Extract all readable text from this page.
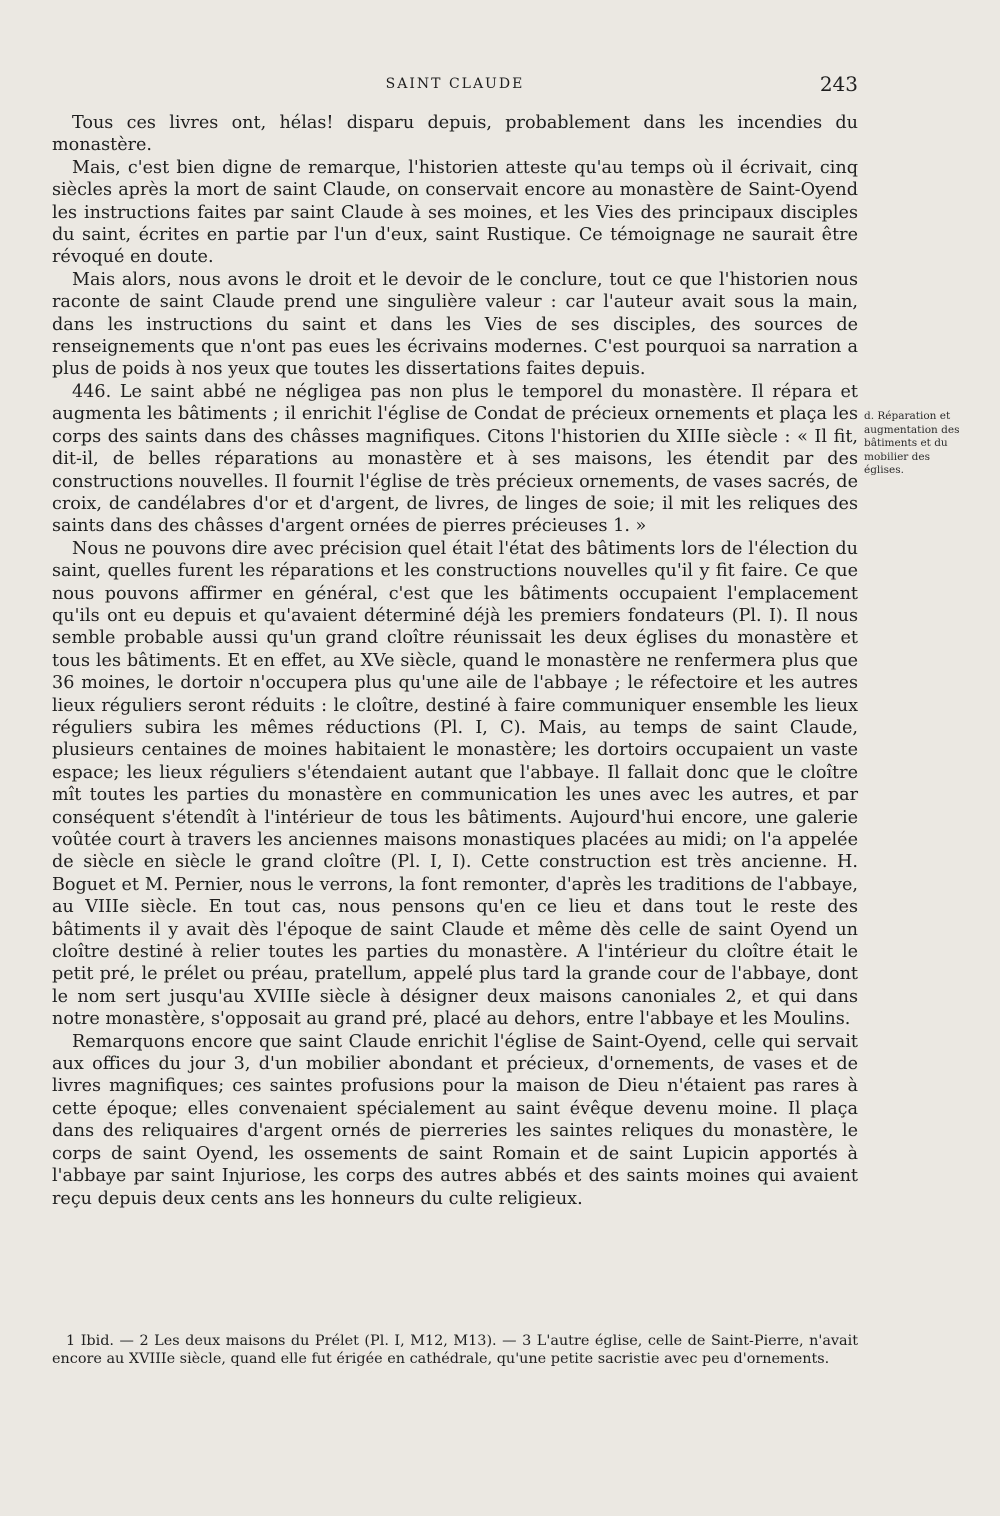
SAINT CLAUDE	243

Tous ces livres ont, hélas! disparu depuis, probablement dans les incendies du monastère.

Mais, c'est bien digne de remarque, l'historien atteste qu'au temps où il écrivait, cinq siècles après la mort de saint Claude, on conservait encore au monastère de Saint-Oyend les instructions faites par saint Claude à ses moines, et les Vies des principaux disciples du saint, écrites en partie par l'un d'eux, saint Rustique. Ce témoignage ne saurait être révoqué en doute.

Mais alors, nous avons le droit et le devoir de le conclure, tout ce que l'historien nous raconte de saint Claude prend une singulière valeur : car l'auteur avait sous la main, dans les instructions du saint et dans les Vies de ses disciples, des sources de renseignements que n'ont pas eues les écrivains modernes. C'est pourquoi sa narration a plus de poids à nos yeux que toutes les dissertations faites depuis.

446. Le saint abbé ne négligea pas non plus le temporel du monastère. Il répara et augmenta les bâtiments ; il enrichit l'église de Condat de précieux ornements et plaça les corps des saints dans des châsses magnifiques. Citons l'historien du XIIIe siècle : « Il fit, dit-il, de belles réparations au monastère et à ses maisons, les étendit par des constructions nouvelles. Il fournit l'église de très précieux ornements, de vases sacrés, de croix, de candélabres d'or et d'argent, de livres, de linges de soie; il mit les reliques des saints dans des châsses d'argent ornées de pierres précieuses 1. »

Nous ne pouvons dire avec précision quel était l'état des bâtiments lors de l'élection du saint, quelles furent les réparations et les constructions nouvelles qu'il y fit faire. Ce que nous pouvons affirmer en général, c'est que les bâtiments occupaient l'emplacement qu'ils ont eu depuis et qu'avaient déterminé déjà les premiers fondateurs (Pl. I). Il nous semble probable aussi qu'un grand cloître réunissait les deux églises du monastère et tous les bâtiments. Et en effet, au XVe siècle, quand le monastère ne renfermera plus que 36 moines, le dortoir n'occupera plus qu'une aile de l'abbaye ; le réfectoire et les autres lieux réguliers seront réduits : le cloître, destiné à faire communiquer ensemble les lieux réguliers subira les mêmes réductions (Pl. I, C). Mais, au temps de saint Claude, plusieurs centaines de moines habitaient le monastère; les dortoirs occupaient un vaste espace; les lieux réguliers s'étendaient autant que l'abbaye. Il fallait donc que le cloître mît toutes les parties du monastère en communication les unes avec les autres, et par conséquent s'étendît à l'intérieur de tous les bâtiments. Aujourd'hui encore, une galerie voûtée court à travers les anciennes maisons monastiques placées au midi; on l'a appelée de siècle en siècle le grand cloître (Pl. I, I). Cette construction est très ancienne. H. Boguet et M. Pernier, nous le verrons, la font remonter, d'après les traditions de l'abbaye, au VIIIe siècle. En tout cas, nous pensons qu'en ce lieu et dans tout le reste des bâtiments il y avait dès l'époque de saint Claude et même dès celle de saint Oyend un cloître destiné à relier toutes les parties du monastère. A l'intérieur du cloître était le petit pré, le prélet ou préau, pratellum, appelé plus tard la grande cour de l'abbaye, dont le nom sert jusqu'au XVIIIe siècle à désigner deux maisons canoniales 2, et qui dans notre monastère, s'opposait au grand pré, placé au dehors, entre l'abbaye et les Moulins.

Remarquons encore que saint Claude enrichit l'église de Saint-Oyend, celle qui servait aux offices du jour 3, d'un mobilier abondant et précieux, d'ornements, de vases et de livres magnifiques; ces saintes profusions pour la maison de Dieu n'étaient pas rares à cette époque; elles convenaient spécialement au saint évêque devenu moine. Il plaça dans des reliquaires d'argent ornés de pierreries les saintes reliques du monastère, le corps de saint Oyend, les ossements de saint Romain et de saint Lupicin apportés à l'abbaye par saint Injuriose, les corps des autres abbés et des saints moines qui avaient reçu depuis deux cents ans les honneurs du culte religieux.

d. Réparation et augmentation des bâtiments et du mobilier des églises.

1 Ibid. — 2 Les deux maisons du Prélet (Pl. I, M12, M13). — 3 L'autre église, celle de Saint-Pierre, n'avait encore au XVIIIe siècle, quand elle fut érigée en cathédrale, qu'une petite sacristie avec peu d'ornements.
